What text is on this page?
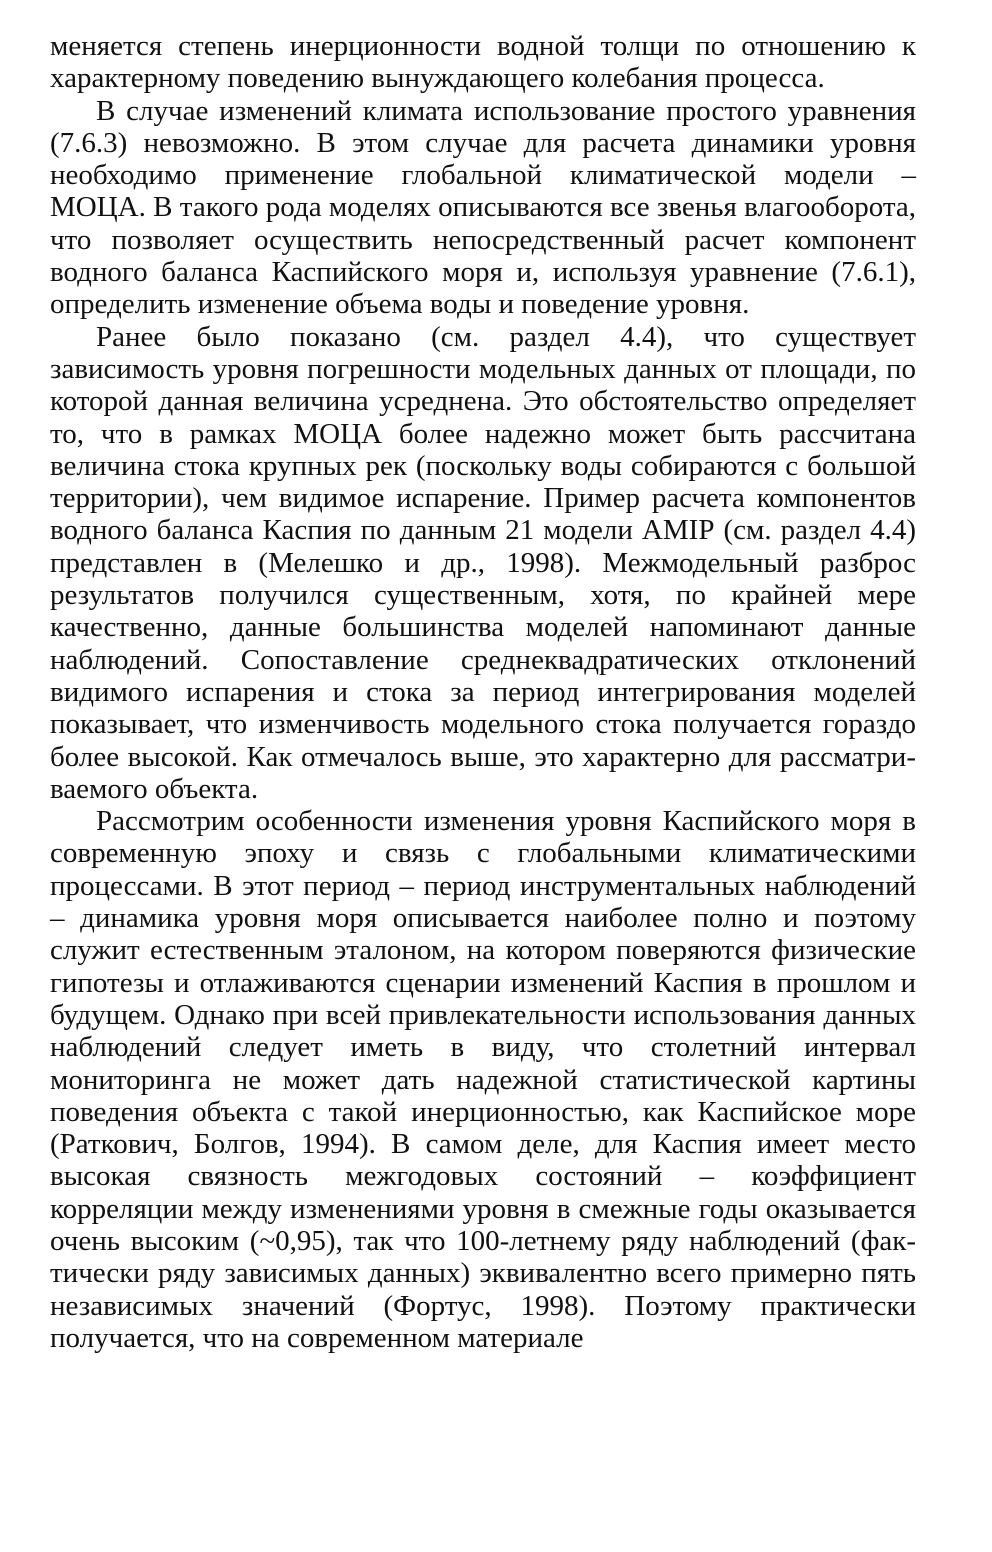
меняется степень инерционности водной толщи по отношению к характерному поведению вынуждающего колебания процесса.

В случае изменений климата использование простого уравнения (7.6.3) невозможно. В этом случае для расчета динамики уровня необходимо применение глобальной климатической модели – МОЦА. В такого рода моделях описываются все звенья влагооборота, что позволяет осуществить непосредственный расчет компонент водного баланса Каспийского моря и, используя уравнение (7.6.1), определить изменение объема воды и поведение уровня.

Ранее было показано (см. раздел 4.4), что существует зависимость уровня погрешности модельных данных от площади, по которой данная величина усреднена. Это обстоятельство определяет то, что в рамках МОЦА более надежно может быть рассчитана величина стока крупных рек (поскольку воды собираются с большой территории), чем видимое испарение. Пример расчета компонентов водного баланса Каспия по данным 21 модели АМIР (см. раздел 4.4) представлен в (Мелешко и др., 1998). Межмодельный разброс результатов получился существенным, хотя, по крайней мере качественно, данные большинства моделей напоминают данные наблюдений. Сопоставление среднеквадратических отклонений видимого испарения и стока за период интегрирования моделей показывает, что изменчивость модельного стока получается гораздо более высокой. Как отмечалось выше, это характерно для рассматриваемого объекта.

Рассмотрим особенности изменения уровня Каспийского моря в современную эпоху и связь с глобальными климатическими процессами. В этот период – период инструментальных наблюдений – динамика уровня моря описывается наиболее полно и поэтому служит естественным эталоном, на котором поверяются физические гипотезы и отлаживаются сценарии изменений Каспия в прошлом и будущем. Однако при всей привлекательности использования данных наблюдений следует иметь в виду, что столетний интервал мониторинга не может дать надежной статистической картины поведения объекта с такой инерционностью, как Каспийское море (Раткович, Болгов, 1994). В самом деле, для Каспия имеет место высокая связность межгодовых состояний – коэффициент корреляции между изменениями уровня в смежные годы оказывается очень высоким (~0,95), так что 100-летнему ряду наблюдений (фактически ряду зависимых данных) эквивалентно всего примерно пять независимых значений (Фортус, 1998). Поэтому практически получается, что на современном материале
